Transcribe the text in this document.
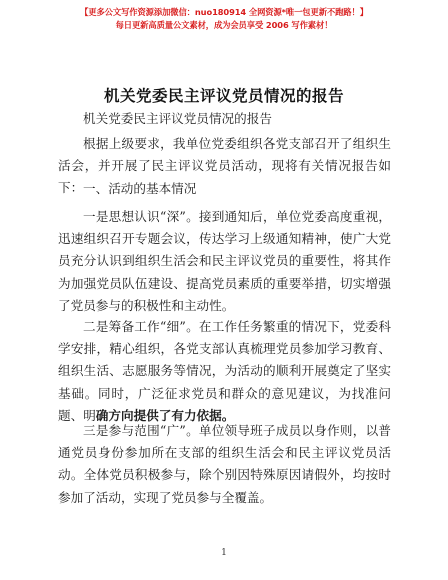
【更多公文写作资源添加微信：nuo180914 全网资源*唯一包更新不跑路！】
每日更新高质量公文素材，成为会员享受 2006 写作素材！
机关党委民主评议党员情况的报告
机关党委民主评议党员情况的报告
根据上级要求，我单位党委组织各党支部召开了组织生活会，并开展了民主评议党员活动，现将有关情况报告如下： 一、活动的基本情况
一是思想认识“深”。接到通知后，单位党委高度重视，迅速组织召开专题会议，传达学习上级通知精神，使广大党员充分认识到组织生活会和民主评议党员的重要性，将其作为加强党员队伍建设、提高党员素质的重要举措，切实增强了党员参与的积极性和主动性。
二是筹备工作“细”。在工作任务繁重的情况下，党委科学安排，精心组织，各党支部认真梳理党员参加学习教育、组织生活、志愿服务等情况，为活动的顺利开展奠定了坚实基础。同时，广泛征求党员和群众的意见建议，为找准问题、明确方向提供了有力依据。
三是参与范围“广”。单位领导班子成员以身作则，以普通党员身份参加所在支部的组织生活会和民主评议党员活动。全体党员积极参与，除个别因特殊原因请假外，均按时参加了活动，实现了党员参与全覆盖。
1
